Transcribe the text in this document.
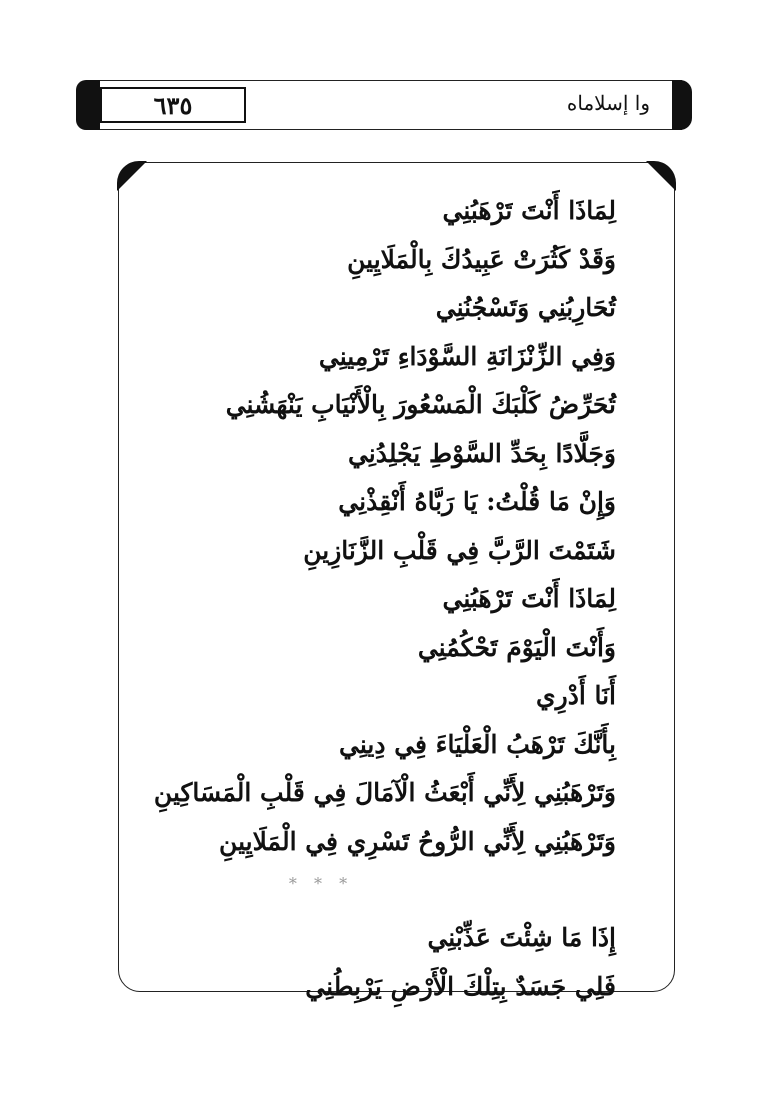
٦٣٥	وا إسلاماه
لِمَاذَا أَنْتَ تَرْهَبُنِي
وَقَدْ كَثُرَتْ عَبِيدُكَ بِالْمَلَايِينِ
تُحَارِبُنِي وَتَسْجُنُنِي
وَفِي الزِّنْزَانَةِ السَّوْدَاءِ تَرْمِينِي
تُحَرِّضُ كَلْبَكَ الْمَسْعُورَ بِالْأَنْيَابِ يَنْهَشُنِي
وَجَلَّادًا بِحَدِّ السَّوْطِ يَجْلِدُنِي
وَإِنْ مَا قُلْتُ: يَا رَبَّاهُ أَنْقِذْنِي
شَتَمْتَ الرَّبَّ فِي قَلْبِ الزَّنَازِينِ
لِمَاذَا أَنْتَ تَرْهَبُنِي
وَأَنْتَ الْيَوْمَ تَحْكُمُنِي
أَنَا أَدْرِي
بِأَنَّكَ تَرْهَبُ الْعَلْيَاءَ فِي دِينِي
وَتَرْهَبُنِي لِأَنِّي أَبْعَثُ الْآمَالَ فِي قَلْبِ الْمَسَاكِينِ
وَتَرْهَبُنِي لِأَنِّي الرُّوحُ تَسْرِي فِي الْمَلَايِينِ
* * *
إِذَا مَا شِئْتَ عَذِّبْنِي
فَلِي جَسَدٌ بِتِلْكَ الْأَرْضِ يَرْبِطُنِي
